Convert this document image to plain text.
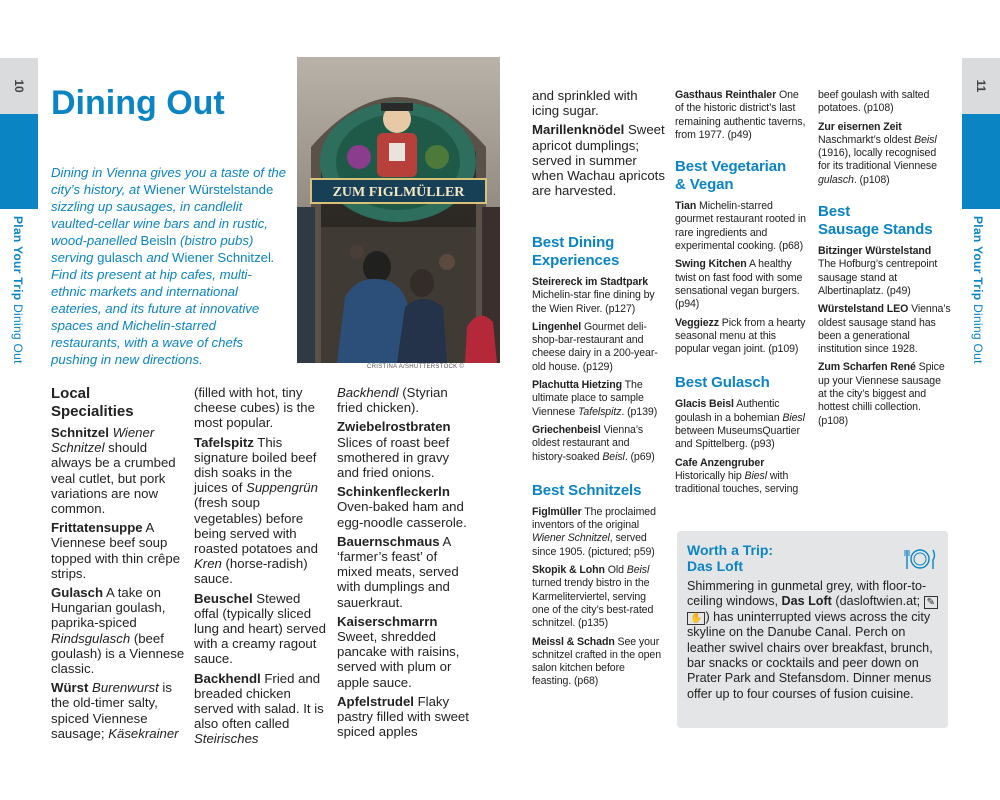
10
Plan Your Trip Dining Out
11
Plan Your Trip Dining Out
Dining Out
Dining in Vienna gives you a taste of the city’s history, at Wiener Würstelstande sizzling up sausages, in candlelit vaulted-cellar wine bars and in rustic, wood-panelled Beisln (bistro pubs) serving gulasch and Wiener Schnitzel. Find its present at hip cafes, multi-ethnic markets and international eateries, and its future at innovative spaces and Michelin-starred restaurants, with a wave of chefs pushing in new directions.
ZUM FIGLMÜLLER
CRISTINA A/SHUTTERSTOCK ©
Local
Specialities

Schnitzel Wiener Schnitzel should always be a crumbed veal cutlet, but pork variations are now common.

Frittatensuppe A Viennese beef soup topped with thin crêpe strips.

Gulasch A take on Hungarian goulash, paprika-spiced Rindsgulasch (beef goulash) is a Viennese classic.

Würst Burenwurst is the old-timer salty, spiced Viennese sausage; Käsekrainer

(filled with hot, tiny cheese cubes) is the most popular.

Tafelspitz This signature boiled beef dish soaks in the juices of Suppengrün (fresh soup vegetables) before being served with roasted potatoes and Kren (horse-radish) sauce.

Beuschel Stewed offal (typically sliced lung and heart) served with a creamy ragout sauce.

Backhendl Fried and breaded chicken served with salad. It is also often called Steirisches

Backhendl (Styrian fried chicken).

Zwiebelrostbraten Slices of roast beef smothered in gravy and fried onions.

Schinkenfleckerln Oven-baked ham and egg-noodle casserole.

Bauernschmaus A ‘farmer’s feast’ of mixed meats, served with dumplings and sauerkraut.

Kaiserschmarrn Sweet, shredded pancake with raisins, served with plum or apple sauce.

Apfelstrudel Flaky pastry filled with sweet spiced apples

and sprinkled with icing sugar.

Marillenknödel Sweet apricot dumplings; served in summer when Wachau apricots are harvested.

Best Dining
Experiences

Steirereck im Stadtpark Michelin-star fine dining by the Wien River. (p127)

Lingenhel Gourmet deli-shop-bar-restaurant and cheese dairy in a 200-year-old house. (p129)

Plachutta Hietzing The ultimate place to sample Viennese Tafelspitz. (p139)

Griechenbeisl Vienna’s oldest restaurant and history-soaked Beisl. (p69)

Best Schnitzels

Figlmüller The proclaimed inventors of the original Wiener Schnitzel, served since 1905. (pictured; p59)

Skopik & Lohn Old Beisl turned trendy bistro in the Karmeliterviertel, serving one of the city’s best-rated schnitzel. (p135)

Meissl & Schadn See your schnitzel crafted in the open salon kitchen before feasting. (p68)

Gasthaus Reinthaler One of the historic district’s last remaining authentic taverns, from 1977. (p49)

Best Vegetarian
& Vegan

Tian Michelin-starred gourmet restaurant rooted in rare ingredients and experimental cooking. (p68)

Swing Kitchen A healthy twist on fast food with some sensational vegan burgers. (p94)

Veggiezz Pick from a hearty seasonal menu at this popular vegan joint. (p109)

Best Gulasch

Glacis Beisl Authentic goulash in a bohemian Biesl between MuseumsQuartier and Spittelberg. (p93)

Cafe Anzengruber Historically hip Biesl with traditional touches, serving

beef goulash with salted potatoes. (p108)

Zur eisernen Zeit Naschmarkt’s oldest Beisl (1916), locally recognised for its traditional Viennese gulasch. (p108)

Best
Sausage Stands

Bitzinger Würstelstand The Hofburg’s centrepoint sausage stand at Albertinaplatz. (p49)

Würstelstand LEO Vienna’s oldest sausage stand has been a generational institution since 1928.

Zum Scharfen René Spice up your Viennese sausage at the city’s biggest and hottest chilli collection. (p108)

Worth a Trip:
Das Loft
Shimmering in gunmetal grey, with floor-to-ceiling windows, Das Loft (dasloftwien.at; ✎✋ ) has uninterrupted views across the city skyline on the Danube Canal. Perch on leather swivel chairs over breakfast, brunch, bar snacks or cocktails and peer down on Prater Park and Stefansdom. Dinner menus offer up to four courses of fusion cuisine.
